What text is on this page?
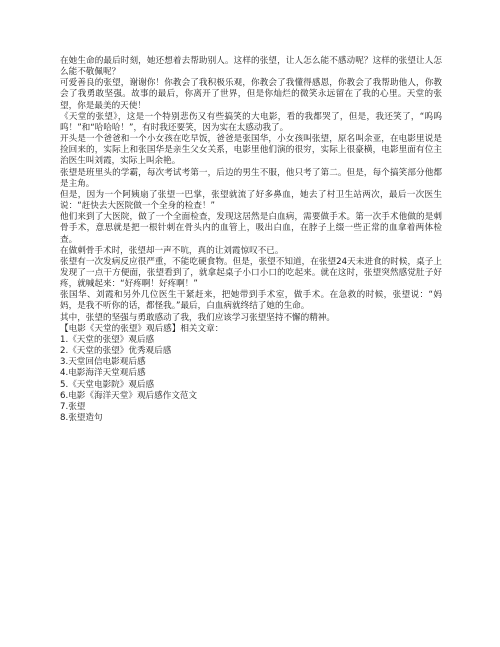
在她生命的最后时刻，她还想着去帮助别人。这样的张望，让人怎么能不感动呢？这样的张望让人怎么能不敬佩呢？

可爱善良的张望，谢谢你！你教会了我积极乐观，你教会了我懂得感恩，你教会了我帮助他人，你教会了我勇敢坚强。故事的最后，你离开了世界，但是你灿烂的微笑永远留在了我的心里。天堂的张望，你是最美的天使！

《天堂的张望》，这是一个特别悲伤又有些搞笑的大电影，看的我都哭了，但是，我还笑了，“呜呜呜！”和“哈哈哈！”，有时我还要笑，因为实在太感动我了。

开头是一个爸爸和一个小女孩在吃早饭，爸爸是张国华，小女孩叫张望，原名叫余亚，在电影里说是捡回来的，实际上和张国华是亲生父女关系，电影里他们演的很穷，实际上很豪横，电影里面有位主治医生叫刘霞，实际上叫余艳。

张望是班里头的学霸，每次考试考第一，后边的男生不服，他只考了第二。但是，每个搞笑部分他都是主角。

但是，因为一个阿姨扇了张望一巴掌，张望就流了好多鼻血，她去了村卫生站两次，最后一次医生说：“赶快去大医院做一个全身的检查！”

他们来到了大医院，做了一个全面检查，发现这居然是白血病，需要做手术。第一次手术他做的是刺骨手术，意思就是把一根针刺在骨头内的血管上，吸出白血，在脖子上缀一些正常的血拿着两体检查。

在做刺骨手术时，张望却一声不吭，真的让刘霞惊叹不已。

张望有一次发病反应很严重，不能吃硬食物。但是，张望不知道，在张望24天未进食的时候，桌子上发现了一点干方便面，张望看到了，就拿起桌子小口小口的吃起来。就在这时，张望突然感觉肚子好疼，就喊起来：“好疼啊！好疼啊！”

张国华、刘霞和另外几位医生干紧赶来，把她带到手术室，做手术。在急救的时候，张望说：“妈妈，是我不听你的话，都怪我。”最后，白血病就终结了她的生命。

其中，张望的坚强与勇敢感动了我，我们应该学习张望坚持不懈的精神。

【电影《天堂的张望》观后感】相关文章：

1.《天堂的张望》观后感
2.《天堂的张望》优秀观后感
3.天堂回信电影观后感
4.电影海洋天堂观后感
5.《天堂电影院》观后感
6.电影《海洋天堂》观后感作文范文
7.张望
8.张望造句
